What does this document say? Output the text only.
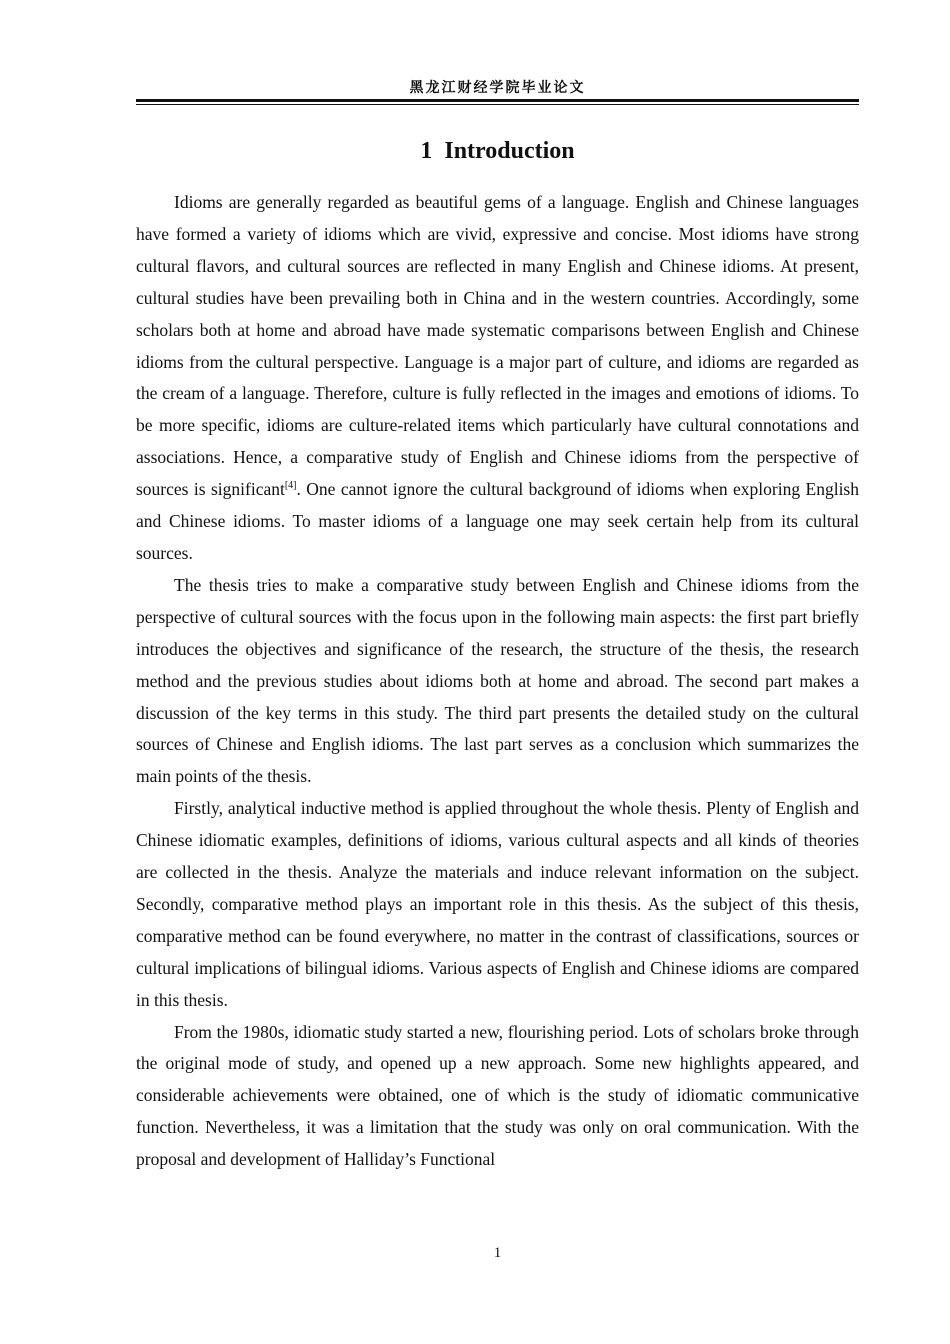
黑龙江财经学院毕业论文
1  Introduction

Idioms are generally regarded as beautiful gems of a language. English and Chinese languages have formed a variety of idioms which are vivid, expressive and concise. Most idioms have strong cultural flavors, and cultural sources are reflected in many English and Chinese idioms. At present, cultural studies have been prevailing both in China and in the western countries. Accordingly, some scholars both at home and abroad have made systematic comparisons between English and Chinese idioms from the cultural perspective. Language is a major part of culture, and idioms are regarded as the cream of a language. Therefore, culture is fully reflected in the images and emotions of idioms. To be more specific, idioms are culture-related items which particularly have cultural connotations and associations. Hence, a comparative study of English and Chinese idioms from the perspective of sources is significant[4]. One cannot ignore the cultural background of idioms when exploring English and Chinese idioms. To master idioms of a language one may seek certain help from its cultural sources.

The thesis tries to make a comparative study between English and Chinese idioms from the perspective of cultural sources with the focus upon in the following main aspects: the first part briefly introduces the objectives and significance of the research, the structure of the thesis, the research method and the previous studies about idioms both at home and abroad. The second part makes a discussion of the key terms in this study. The third part presents the detailed study on the cultural sources of Chinese and English idioms. The last part serves as a conclusion which summarizes the main points of the thesis.

Firstly, analytical inductive method is applied throughout the whole thesis. Plenty of English and Chinese idiomatic examples, definitions of idioms, various cultural aspects and all kinds of theories are collected in the thesis. Analyze the materials and induce relevant information on the subject. Secondly, comparative method plays an important role in this thesis. As the subject of this thesis, comparative method can be found everywhere, no matter in the contrast of classifications, sources or cultural implications of bilingual idioms. Various aspects of English and Chinese idioms are compared in this thesis.

From the 1980s, idiomatic study started a new, flourishing period. Lots of scholars broke through the original mode of study, and opened up a new approach. Some new highlights appeared, and considerable achievements were obtained, one of which is the study of idiomatic communicative function. Nevertheless, it was a limitation that the study was only on oral communication. With the proposal and development of Halliday’s Functional

1
